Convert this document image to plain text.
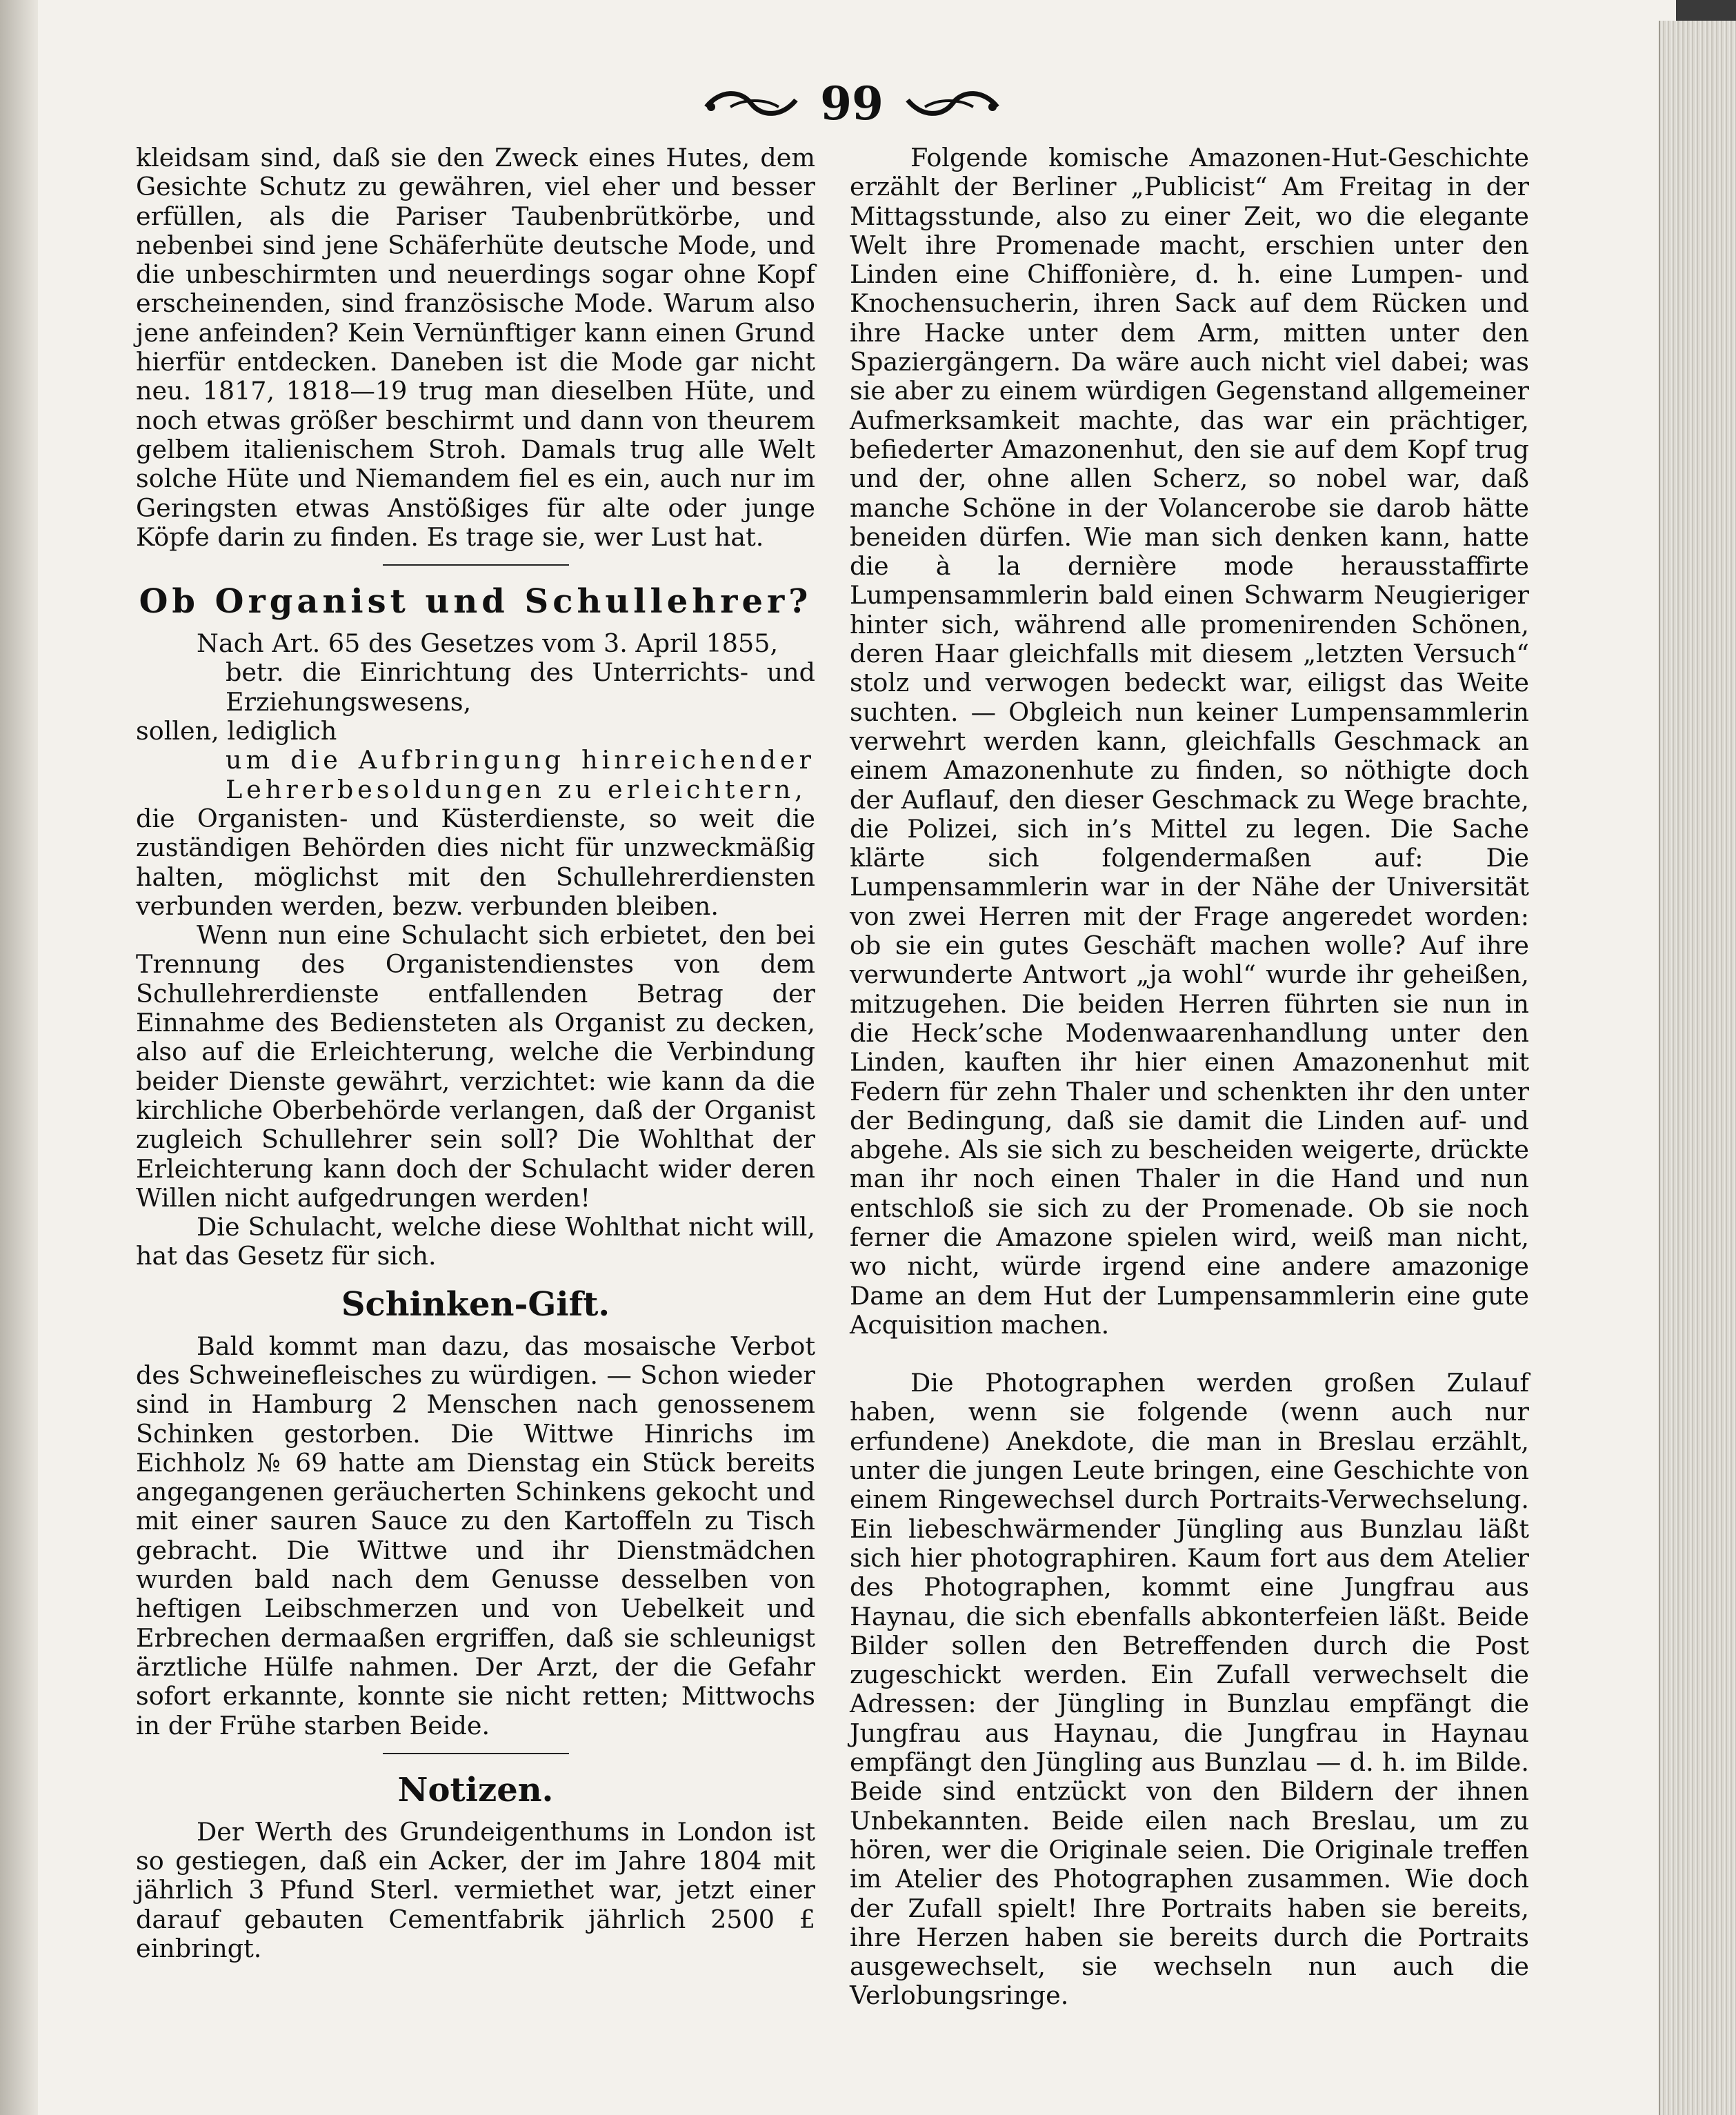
99

kleidsam sind, daß sie den Zweck eines Hutes, dem Gesichte Schutz zu gewähren, viel eher und besser erfüllen, als die Pariser Taubenbrütkörbe, und nebenbei sind jene Schäferhüte deutsche Mode, und die unbeschirmten und neuerdings sogar ohne Kopf erscheinenden, sind französische Mode. Warum also jene anfeinden? Kein Vernünftiger kann einen Grund hierfür entdecken. Daneben ist die Mode gar nicht neu. 1817, 1818—19 trug man dieselben Hüte, und noch etwas größer beschirmt und dann von theurem gelbem italienischem Stroh. Damals trug alle Welt solche Hüte und Niemandem fiel es ein, auch nur im Geringsten etwas Anstößiges für alte oder junge Köpfe darin zu finden. Es trage sie, wer Lust hat.

Ob Organist und Schullehrer?

Nach Art. 65 des Gesetzes vom 3. April 1855,

betr. die Einrichtung des Unterrichts- und Erziehungswesens,

sollen, lediglich

um die Aufbringung hinreichender Lehrerbesoldungen zu erleichtern,

die Organisten- und Küsterdienste, so weit die zuständigen Behörden dies nicht für unzweckmäßig halten, möglichst mit den Schullehrerdiensten verbunden werden, bezw. verbunden bleiben.

Wenn nun eine Schulacht sich erbietet, den bei Trennung des Organistendienstes von dem Schullehrerdienste entfallenden Betrag der Einnahme des Bediensteten als Organist zu decken, also auf die Erleichterung, welche die Verbindung beider Dienste gewährt, verzichtet: wie kann da die kirchliche Oberbehörde verlangen, daß der Organist zugleich Schullehrer sein soll? Die Wohlthat der Erleichterung kann doch der Schulacht wider deren Willen nicht aufgedrungen werden!

Die Schulacht, welche diese Wohlthat nicht will, hat das Gesetz für sich.

Schinken-Gift.

Bald kommt man dazu, das mosaische Verbot des Schweinefleisches zu würdigen. — Schon wieder sind in Hamburg 2 Menschen nach genossenem Schinken gestorben. Die Wittwe Hinrichs im Eichholz № 69 hatte am Dienstag ein Stück bereits angegangenen geräucherten Schinkens gekocht und mit einer sauren Sauce zu den Kartoffeln zu Tisch gebracht. Die Wittwe und ihr Dienstmädchen wurden bald nach dem Genusse desselben von heftigen Leibschmerzen und von Uebelkeit und Erbrechen dermaaßen ergriffen, daß sie schleunigst ärztliche Hülfe nahmen. Der Arzt, der die Gefahr sofort erkannte, konnte sie nicht retten; Mittwochs in der Frühe starben Beide.

Notizen.

Der Werth des Grundeigenthums in London ist so gestiegen, daß ein Acker, der im Jahre 1804 mit jährlich 3 Pfund Sterl. vermiethet war, jetzt einer darauf gebauten Cementfabrik jährlich 2500 £ einbringt.

Folgende komische Amazonen-Hut-Geschichte erzählt der Berliner „Publicist“ Am Freitag in der Mittagsstunde, also zu einer Zeit, wo die elegante Welt ihre Promenade macht, erschien unter den Linden eine Chiffonière, d. h. eine Lumpen- und Knochensucherin, ihren Sack auf dem Rücken und ihre Hacke unter dem Arm, mitten unter den Spaziergängern. Da wäre auch nicht viel dabei; was sie aber zu einem würdigen Gegenstand allgemeiner Aufmerksamkeit machte, das war ein prächtiger, befiederter Amazonenhut, den sie auf dem Kopf trug und der, ohne allen Scherz, so nobel war, daß manche Schöne in der Volancerobe sie darob hätte beneiden dürfen. Wie man sich denken kann, hatte die à la dernière mode herausstaffirte Lumpensammlerin bald einen Schwarm Neugieriger hinter sich, während alle promenirenden Schönen, deren Haar gleichfalls mit diesem „letzten Versuch“ stolz und verwogen bedeckt war, eiligst das Weite suchten. — Obgleich nun keiner Lumpensammlerin verwehrt werden kann, gleichfalls Geschmack an einem Amazonenhute zu finden, so nöthigte doch der Auflauf, den dieser Geschmack zu Wege brachte, die Polizei, sich in’s Mittel zu legen. Die Sache klärte sich folgendermaßen auf: Die Lumpensammlerin war in der Nähe der Universität von zwei Herren mit der Frage angeredet worden: ob sie ein gutes Geschäft machen wolle? Auf ihre verwunderte Antwort „ja wohl“ wurde ihr geheißen, mitzugehen. Die beiden Herren führten sie nun in die Heck’sche Modenwaarenhandlung unter den Linden, kauften ihr hier einen Amazonenhut mit Federn für zehn Thaler und schenkten ihr den unter der Bedingung, daß sie damit die Linden auf- und abgehe. Als sie sich zu bescheiden weigerte, drückte man ihr noch einen Thaler in die Hand und nun entschloß sie sich zu der Promenade. Ob sie noch ferner die Amazone spielen wird, weiß man nicht, wo nicht, würde irgend eine andere amazonige Dame an dem Hut der Lumpensammlerin eine gute Acquisition machen.

Die Photographen werden großen Zulauf haben, wenn sie folgende (wenn auch nur erfundene) Anekdote, die man in Breslau erzählt, unter die jungen Leute bringen, eine Geschichte von einem Ringewechsel durch Portraits-Verwechselung. Ein liebeschwärmender Jüngling aus Bunzlau läßt sich hier photographiren. Kaum fort aus dem Atelier des Photographen, kommt eine Jungfrau aus Haynau, die sich ebenfalls abkonterfeien läßt. Beide Bilder sollen den Betreffenden durch die Post zugeschickt werden. Ein Zufall verwechselt die Adressen: der Jüngling in Bunzlau empfängt die Jungfrau aus Haynau, die Jungfrau in Haynau empfängt den Jüngling aus Bunzlau — d. h. im Bilde. Beide sind entzückt von den Bildern der ihnen Unbekannten. Beide eilen nach Breslau, um zu hören, wer die Originale seien. Die Originale treffen im Atelier des Photographen zusammen. Wie doch der Zufall spielt! Ihre Portraits haben sie bereits, ihre Herzen haben sie bereits durch die Portraits ausgewechselt, sie wechseln nun auch die Verlobungsringe.
